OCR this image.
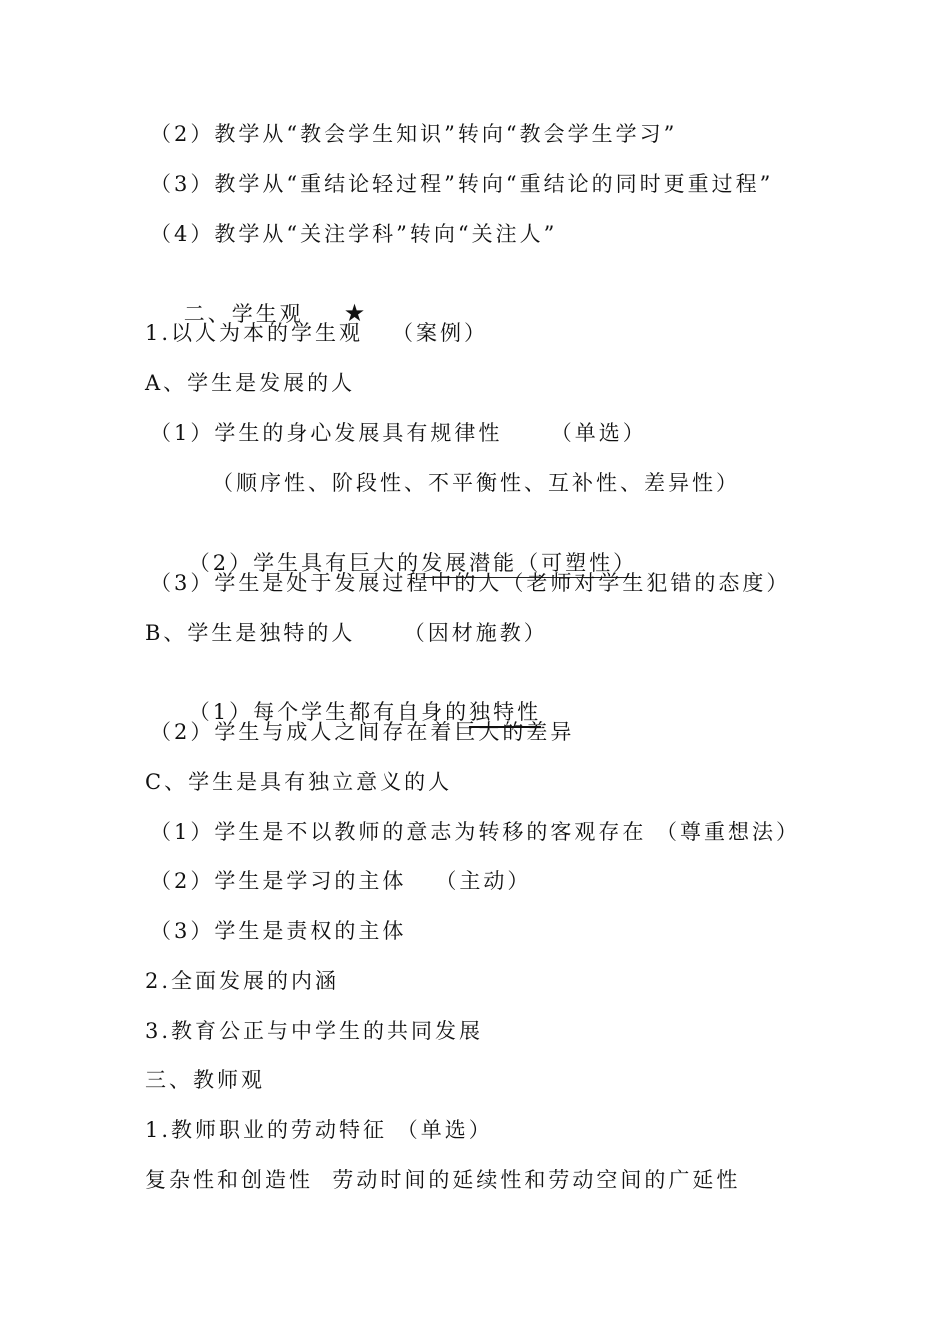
（2）教学从“教会学生知识”转向“教会学生学习”
（3）教学从“重结论轻过程”转向“重结论的同时更重过程”
（4）教学从“关注学科”转向“关注人”

二、学生观 ★

1.以人为本的学生观   （案例）
A、学生是发展的人
（1）学生的身心发展具有规律性     （单选）
（顺序性、阶段性、不平衡性、互补性、差异性）

（2）学生具有巨大的发展潜能（可塑性）

（3）学生是处于发展过程中的人（老师对学生犯错的态度）
B、学生是独特的人     （因材施教）

（1）每个学生都有自身的独特性

（2）学生与成人之间存在着巨大的差异
C、学生是具有独立意义的人
（1）学生是不以教师的意志为转移的客观存在 （尊重想法）
（2）学生是学习的主体   （主动）
（3）学生是责权的主体
2.全面发展的内涵
3.教育公正与中学生的共同发展
三、教师观
1.教师职业的劳动特征 （单选）
复杂性和创造性  劳动时间的延续性和劳动空间的广延性
